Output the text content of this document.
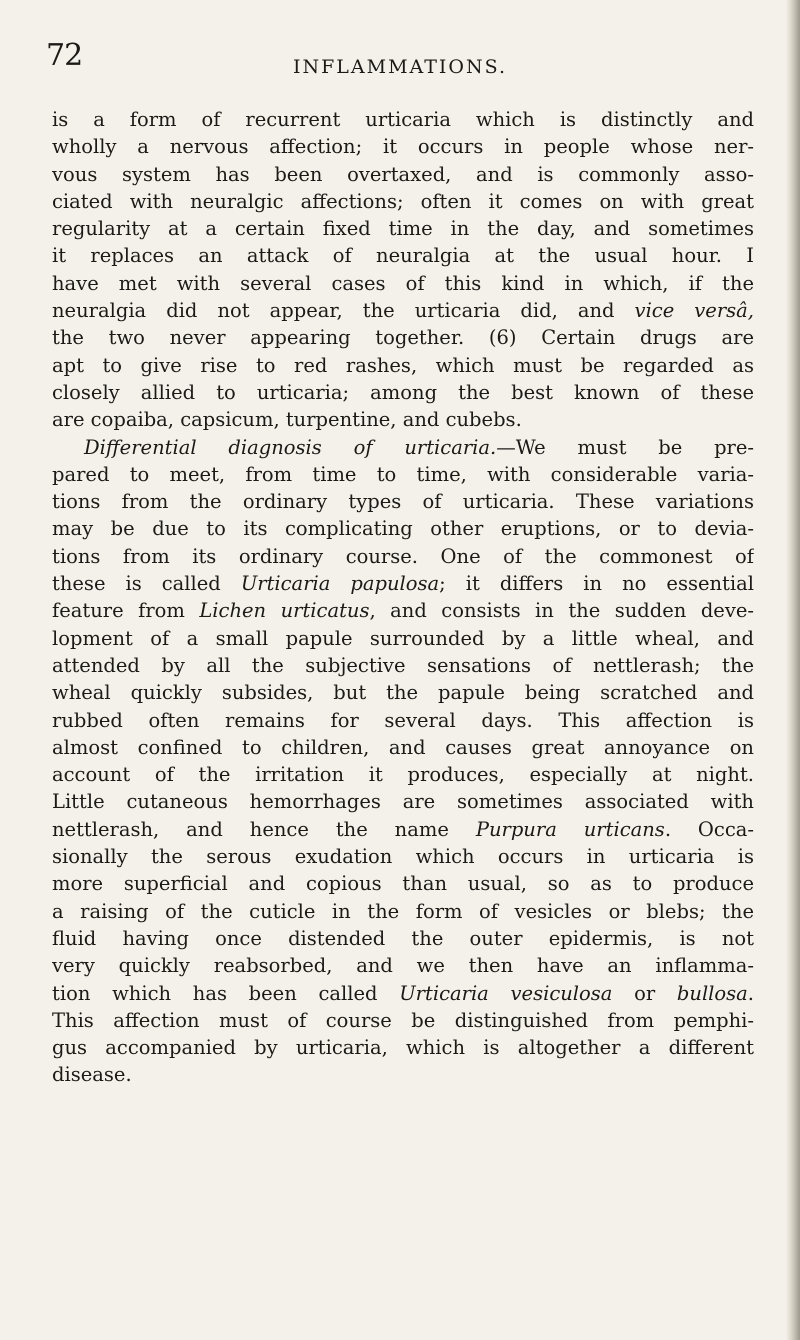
72	INFLAMMATIONS.
is a form of recurrent urticaria which is distinctly and
wholly a nervous affection; it occurs in people whose ner-
vous system has been overtaxed, and is commonly asso-
ciated with neuralgic affections; often it comes on with great
regularity at a certain fixed time in the day, and sometimes
it replaces an attack of neuralgia at the usual hour. I
have met with several cases of this kind in which, if the
neuralgia did not appear, the urticaria did, and vice versâ,
the two never appearing together. (6) Certain drugs are
apt to give rise to red rashes, which must be regarded as
closely allied to urticaria; among the best known of these
are copaiba, capsicum, turpentine, and cubebs.
Differential diagnosis of urticaria.—We must be pre-
pared to meet, from time to time, with considerable varia-
tions from the ordinary types of urticaria. These variations
may be due to its complicating other eruptions, or to devia-
tions from its ordinary course. One of the commonest of
these is called Urticaria papulosa; it differs in no essential
feature from Lichen urticatus, and consists in the sudden deve-
lopment of a small papule surrounded by a little wheal, and
attended by all the subjective sensations of nettlerash; the
wheal quickly subsides, but the papule being scratched and
rubbed often remains for several days. This affection is
almost confined to children, and causes great annoyance on
account of the irritation it produces, especially at night.
Little cutaneous hemorrhages are sometimes associated with
nettlerash, and hence the name Purpura urticans. Occa-
sionally the serous exudation which occurs in urticaria is
more superficial and copious than usual, so as to produce
a raising of the cuticle in the form of vesicles or blebs; the
fluid having once distended the outer epidermis, is not
very quickly reabsorbed, and we then have an inflamma-
tion which has been called Urticaria vesiculosa or bullosa.
This affection must of course be distinguished from pemphi-
gus accompanied by urticaria, which is altogether a different
disease.
